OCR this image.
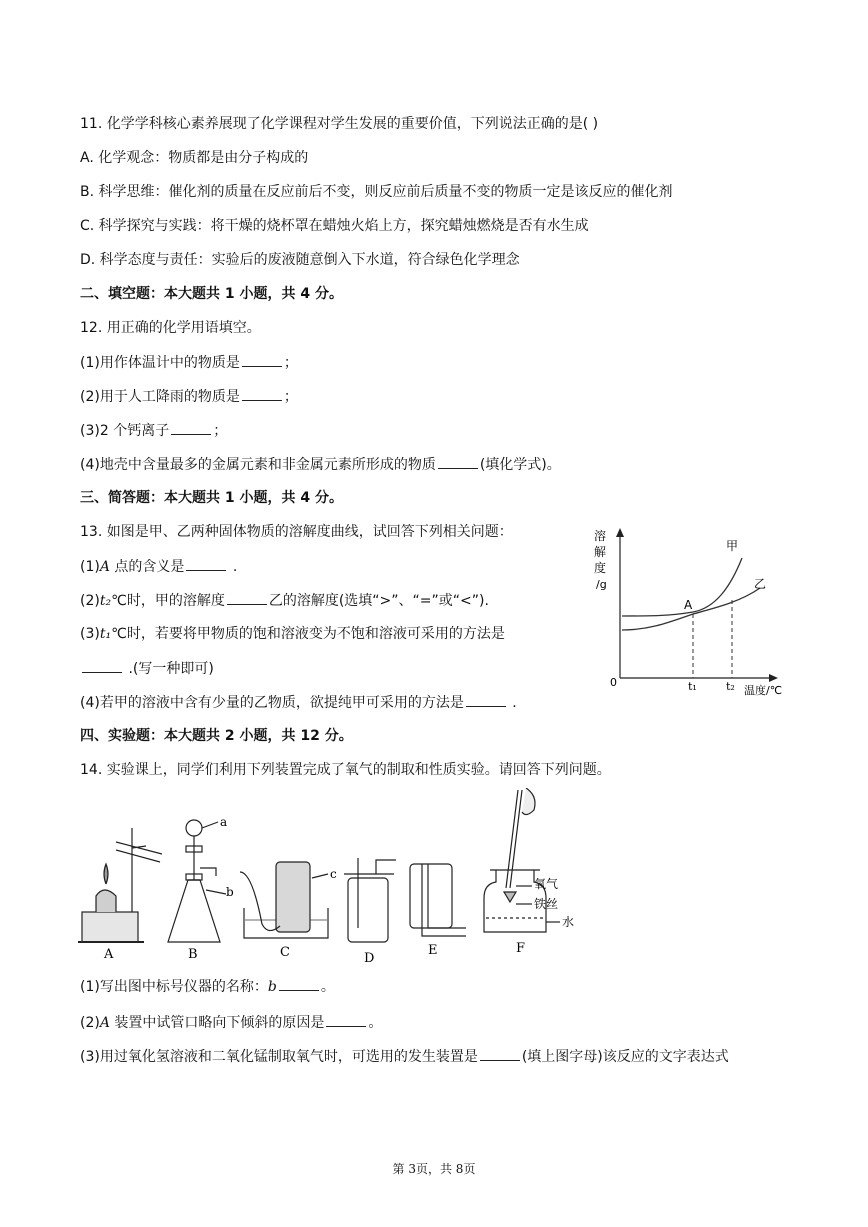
11. 化学学科核心素养展现了化学课程对学生发展的重要价值，下列说法正确的是( )
A. 化学观念：物质都是由分子构成的
B. 科学思维：催化剂的质量在反应前后不变，则反应前后质量不变的物质一定是该反应的催化剂
C. 科学探究与实践：将干燥的烧杯罩在蜡烛火焰上方，探究蜡烛燃烧是否有水生成
D. 科学态度与责任：实验后的废液随意倒入下水道，符合绿色化学理念
二、填空题：本大题共 1 小题，共 4 分。
12. 用正确的化学用语填空。
(1)用作体温计中的物质是	；
(2)用于人工降雨的物质是	；
(3)2 个钙离子	；
(4)地壳中含量最多的金属元素和非金属元素所形成的物质	(填化学式)。
三、简答题：本大题共 1 小题，共 4 分。
13. 如图是甲、乙两种固体物质的溶解度曲线，试回答下列相关问题：
(1)A 点的含义是	.
(2)t₂℃时，甲的溶解度	乙的溶解度(选填“>”、“=”或“<”).
(3)t₁℃时，若要将甲物质的饱和溶液变为不饱和溶液可采用的方法是
.(写一种即可)
(4)若甲的溶液中含有少量的乙物质，欲提纯甲可采用的方法是	.
溶
解
度
/g
0	t₁	t₂ 温度/℃
A
甲
乙
四、实验题：本大题共 2 小题，共 12 分。
14. 实验课上，同学们利用下列装置完成了氧气的制取和性质实验。请回答下列问题。
A	B	C	D
E	F
a
b
c
氧气
铁丝
水
(1)写出图中标号仪器的名称：b	。
(2)A 装置中试管口略向下倾斜的原因是	。
(3)用过氧化氢溶液和二氧化锰制取氧气时，可选用的发生装置是	(填上图字母)该反应的文字表达式
第 3页，共 8页
